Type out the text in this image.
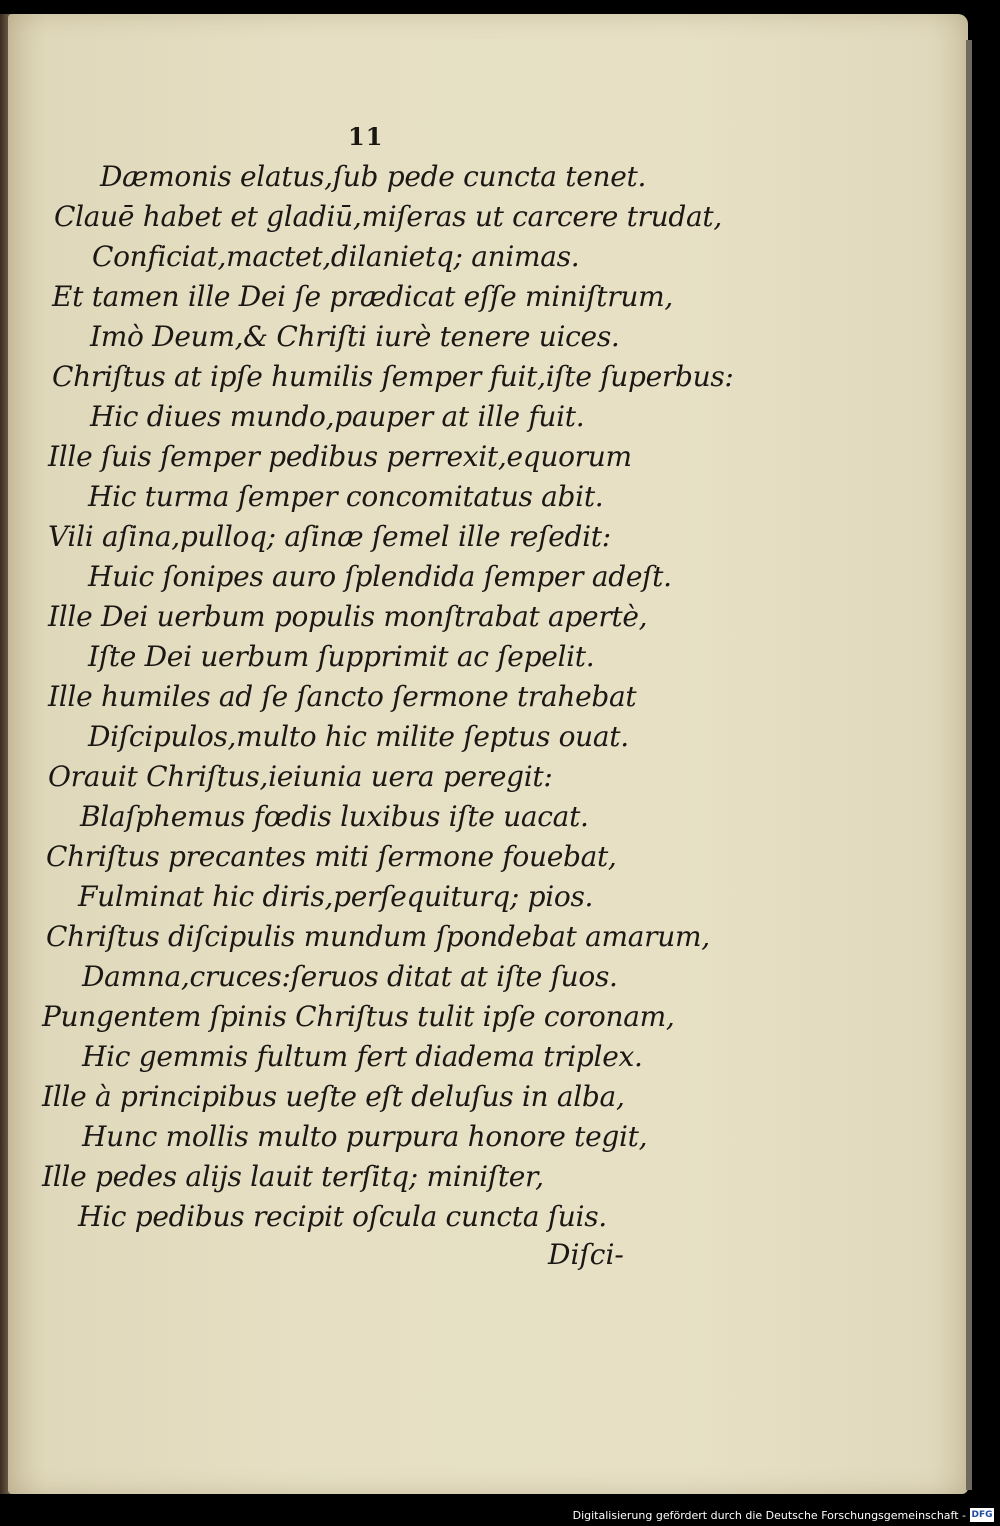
11
Dæmonis elatus,ſub pede cuncta tenet.
Clauē habet et gladiū,miſeras ut carcere trudat,
Conficiat,mactet,dilanietq; animas.
Et tamen ille Dei ſe prædicat eſſe miniſtrum,
Imò Deum,& Chriſti iurè tenere uices.
Chriſtus at ipſe humilis ſemper fuit,iſte ſuperbus:
Hic diues mundo,pauper at ille fuit.
Ille ſuis ſemper pedibus perrexit,equorum
Hic turma ſemper concomitatus abit.
Vili aſina,pulloq; aſinæ ſemel ille reſedit:
Huic ſonipes auro ſplendida ſemper adeſt.
Ille Dei uerbum populis monſtrabat apertè,
Iſte Dei uerbum ſupprimit ac ſepelit.
Ille humiles ad ſe ſancto ſermone trahebat
Diſcipulos,multo hic milite ſeptus ouat.
Orauit Chriſtus,ieiunia uera peregit:
Blaſphemus fœdis luxibus iſte uacat.
Chriſtus precantes miti ſermone fouebat,
Fulminat hic diris,perſequiturq; pios.
Chriſtus diſcipulis mundum ſpondebat amarum,
Damna,cruces:ſeruos ditat at iſte ſuos.
Pungentem ſpinis Chriſtus tulit ipſe coronam,
Hic gemmis fultum fert diadema triplex.
Ille à principibus ueſte eſt deluſus in alba,
Hunc mollis multo purpura honore tegit,
Ille pedes alijs lauit terſitq; miniſter,
Hic pedibus recipit oſcula cuncta ſuis.
Diſci-
Digitalisierung gefördert durch die Deutsche Forschungsgemeinschaft - DFG
